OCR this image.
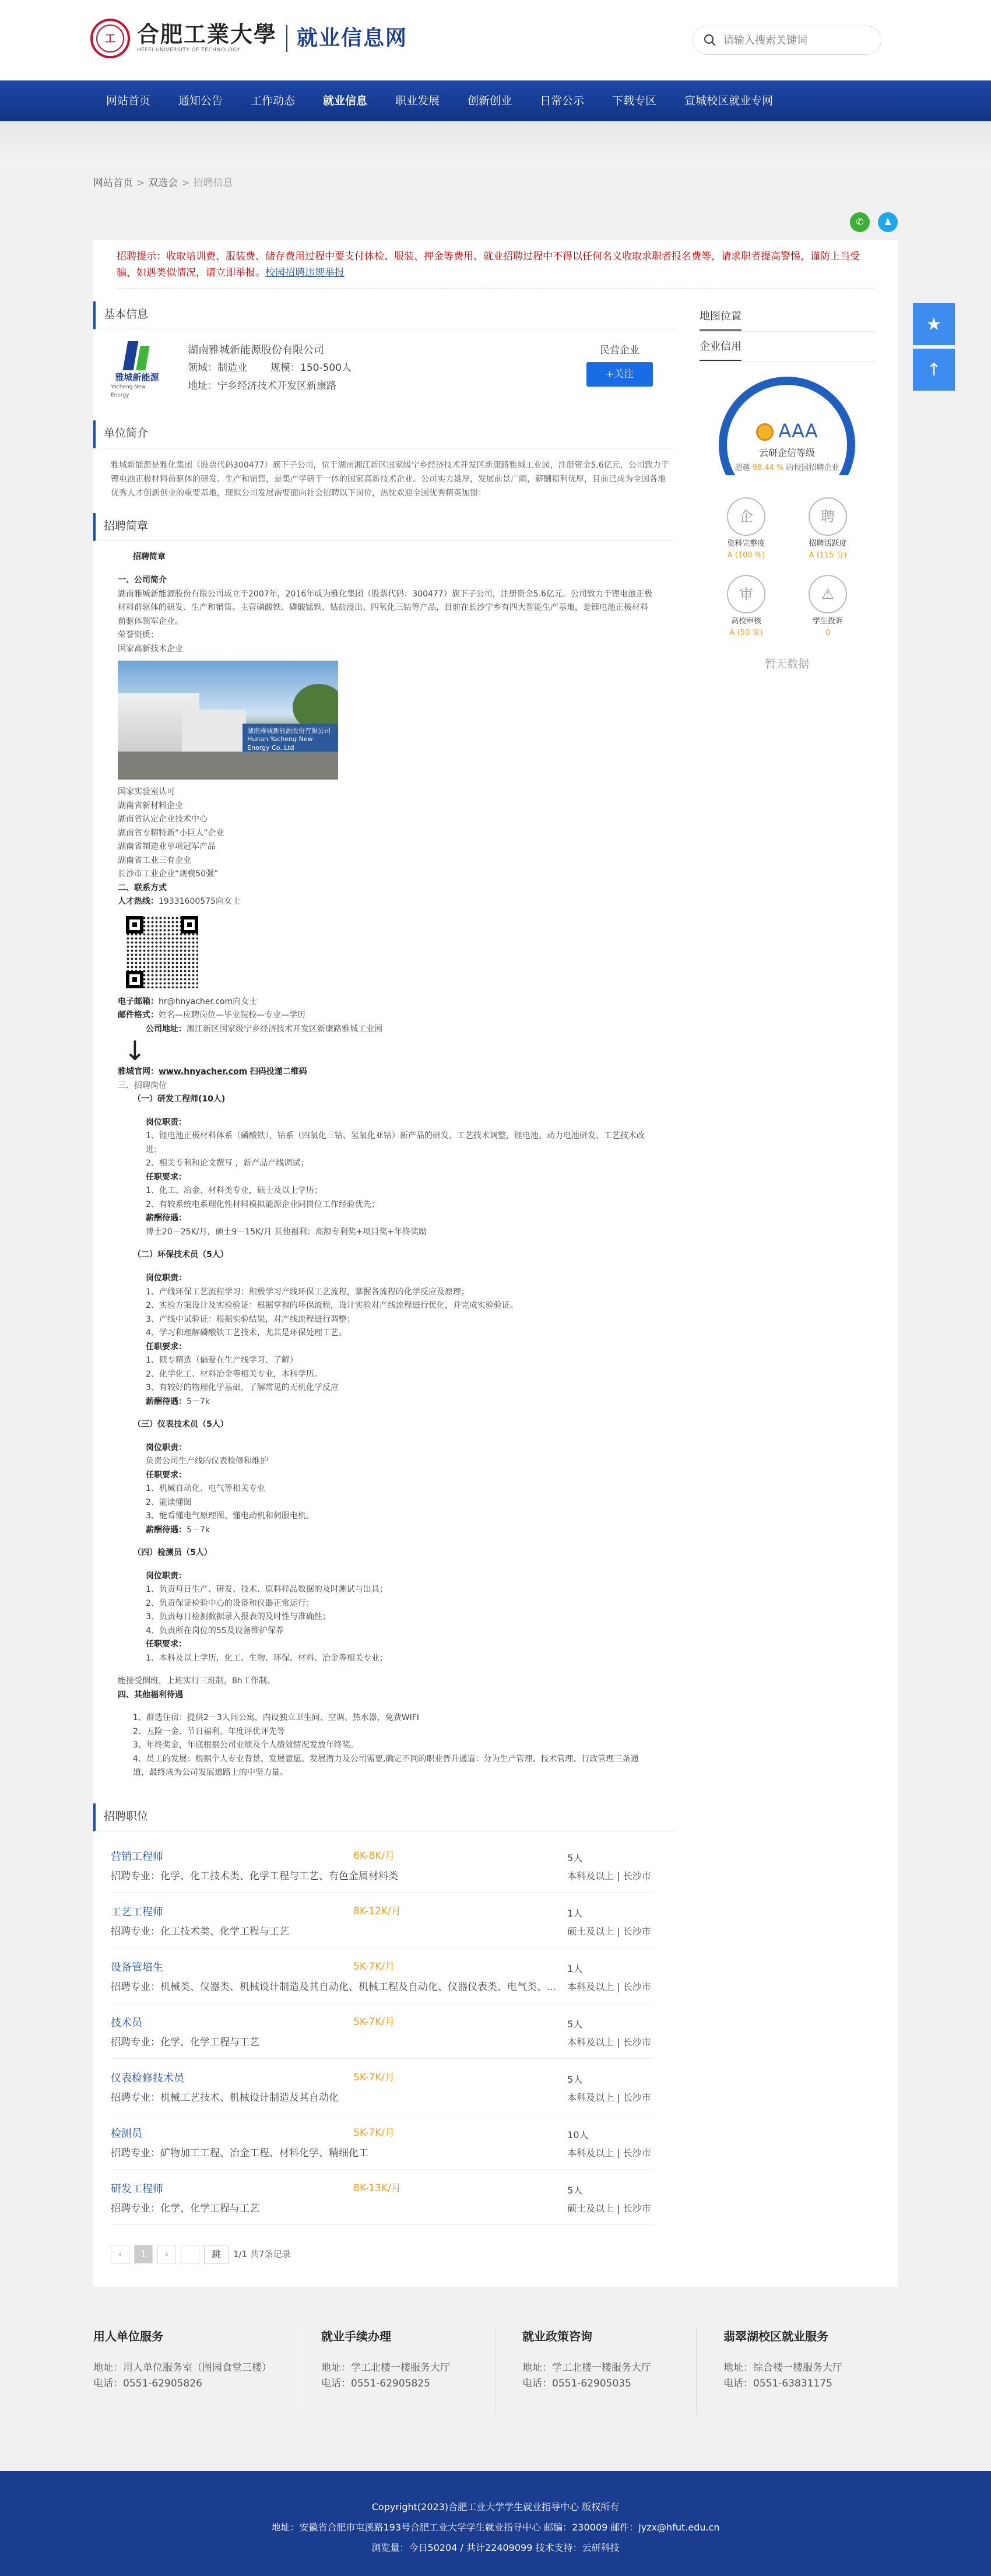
工 合肥工業大學
HEFEI UNIVERSITY OF TECHNOLOGY
就业信息网
请输入搜索关键词
网站首页	通知公告	工作动态	就业信息	职业发展	创新创业	日常公示	下载专区	宣城校区就业专网
网站首页 > 双选会 > 招聘信息
✆	♟
招聘提示：收取培训费、服装费、储存费用过程中要支付体检、服装、押金等费用、就业招聘过程中不得以任何名义收取求职者报名费等，请求职者提高警惕，谨防上当受骗，如遇类似情况，请立即举报。校园招聘违规举报
基本信息
雅城新能源
Yacheng New Energy
湖南雅城新能源股份有限公司
领域：制造业 规模：150-500人
地址：宁乡经济技术开发区新康路
民营企业
+关注
单位简介
雅城新能源是雅化集团（股票代码300477）旗下子公司，位于湖南湘江新区国家级宁乡经济技术开发区新康路雅城工业园，注册资金5.6亿元，公司致力于锂电池正极材料前驱体的研发、生产和销售，是集产学研于一体的国家高新技术企业。公司实力雄厚，发展前景广阔，薪酬福利优厚，目前已成为全国各地优秀人才创新创业的重要基地，现拟公司发展需要面向社会招聘以下岗位，热忱欢迎全国优秀精英加盟：
招聘简章

招聘简章

一、公司简介

湖南雅城新能源股份有限公司成立于2007年，2016年成为雅化集团（股票代码：300477）旗下子公司，注册资金5.6亿元。公司致力于锂电池正极材料前驱体的研发、生产和销售。主营磷酸铁、磷酸锰铁、钴盐浸出、四氧化三钴等产品，目前在长沙宁乡有四大智能生产基地，是锂电池正极材料前驱体领军企业。

荣誉资质：

国家高新技术企业

湖南雅城新能源股份有限公司 Hunan Yacheng New Energy Co.,Ltd

国家实验室认可

湖南省新材料企业

湖南省认定企业技术中心

湖南省专精特新“小巨人”企业

湖南省制造业单项冠军产品

湖南省工业三有企业

长沙市工业企业“规模50强”

二、联系方式

人才热线：19331600575向女士

电子邮箱：hr@hnyacher.com向女士

邮件格式：姓名—应聘岗位—毕业院校—专业—学历

公司地址：湘江新区国家级宁乡经济技术开发区新康路雅城工业园

↓

雅城官网：www.hnyacher.com 扫码投递二维码

三、招聘岗位

（一）研发工程师(10人)

岗位职责：

1、锂电池正极材料体系（磷酸铁），钴系（四氧化三钴、氢氧化亚钴）新产品的研发、工艺技术调整，锂电池、动力电池研发、工艺技术改进；

2、相关专利和论文撰写 ，新产品产线调试；

任职要求：

1、化工、冶金、材料类专业，硕士及以上学历；

2、有较系统电系理化性材料模拟能源企业同岗位工作经验优先；

薪酬待遇：

博士20－25K/月，硕士9－15K/月 其他福利：高额专利奖+项目奖+年终奖励

（二）环保技术员（5人）

岗位职责：

1、产线环保工艺流程学习：积极学习产线环保工艺流程，掌握各流程的化学反应及原理；

2、实验方案设计及实验验证：根据掌握的环保流程，设计实验对产线流程进行优化，并完成实验验证。

3、产线中试验证：根据实验结果，对产线流程进行调整；

4、学习和理解磷酸铁工艺技术，尤其是环保处理工艺。

任职要求：

1、硕专精选（偏爱在生产线学习、了解）

2、化学化工、材料冶金等相关专业，本科学历。

3、有较好的物理化学基础，了解常见的无机化学反应

薪酬待遇：5－7k

（三）仪表技术员（5人）

岗位职责：

负责公司生产线的仪表检修和维护

任职要求：

1、机械自动化、电气等相关专业

2、能读懂图

3、能看懂电气原理图、懂电动机和伺服电机。

薪酬待遇：5－7k

（四）检测员（5人）

岗位职责：

1、负责每日生产、研发、技术、原料样品数据的及时测试与出具；

2、负责保证检验中心的设备和仪器正常运行；

3、负责每日检测数据录入报表的及时性与准确性；

4、负责所在岗位的5S及设备维护保养

任职要求：

1、本科及以上学历，化工、生物、环保、材料、冶金等相关专业；

能接受倒班，上班实行三班制，8h工作制。

四、其他福利待遇

1、群选住宿：提供2－3人间公寓，内设独立卫生间、空调、热水器，免费WIFI

2、五险一金、节日福利、年度评优评先等

3、年终奖金，年底根据公司业绩及个人绩效情况发放年终奖。

4、员工的发展：根据个人专业背景、发展意愿、发展潜力及公司需要,确定不同的职业晋升通道：分为生产管理、技术管理、行政管理三条通道，最终成为公司发展道路上的中坚力量。

招聘职位
营销工程师	6K-8K/月
招聘专业：化学、化工技术类、化学工程与工艺、有色金属材料类
5人
本科及以上 | 长沙市
工艺工程师	8K-12K/月
招聘专业：化工技术类、化学工程与工艺
1人
硕士及以上 | 长沙市
设备管培生	5K-7K/月
招聘专业：机械类、仪器类、机械设计制造及其自动化、机械工程及自动化、仪器仪表类、电气类、...
1人
本科及以上 | 长沙市
技术员	5K-7K/月
招聘专业：化学、化学工程与工艺
5人
本科及以上 | 长沙市
仪表检修技术员	5K-7K/月
招聘专业：机械工艺技术、机械设计制造及其自动化
5人
本科及以上 | 长沙市
检测员	5K-7K/月
招聘专业：矿物加工工程、冶金工程、材料化学、精细化工
10人
本科及以上 | 长沙市
研发工程师	8K-13K/月
招聘专业：化学、化学工程与工艺
5人
硕士及以上 | 长沙市
‹	1	›	跳	1/1 共7条记录
地图位置
企业信用
AAA
云研企信等级
超越 98.44 % 的校园招聘企业
企
资料完整度
A (100 %)
聘
招聘活跃度
A (115 分)
审
高校审核
A (50 家)
⚠
学生投诉
0
暂无数据
★
↑
用人单位服务

地址：用人单位服务室（图园食堂三楼）

电话：0551-62905826

就业手续办理

地址：学工北楼一楼服务大厅

电话：0551-62905825

就业政策咨询

地址：学工北楼一楼服务大厅

电话：0551-62905035

翡翠湖校区就业服务

地址：综合楼一楼服务大厅

电话：0551-63831175

Copyright(2023)合肥工业大学学生就业指导中心 版权所有
地址：安徽省合肥市屯溪路193号合肥工业大学学生就业指导中心 邮编：230009 邮件：jyzx@hfut.edu.cn
浏览量：今日50204 / 共计22409099 技术支持：云研科技
